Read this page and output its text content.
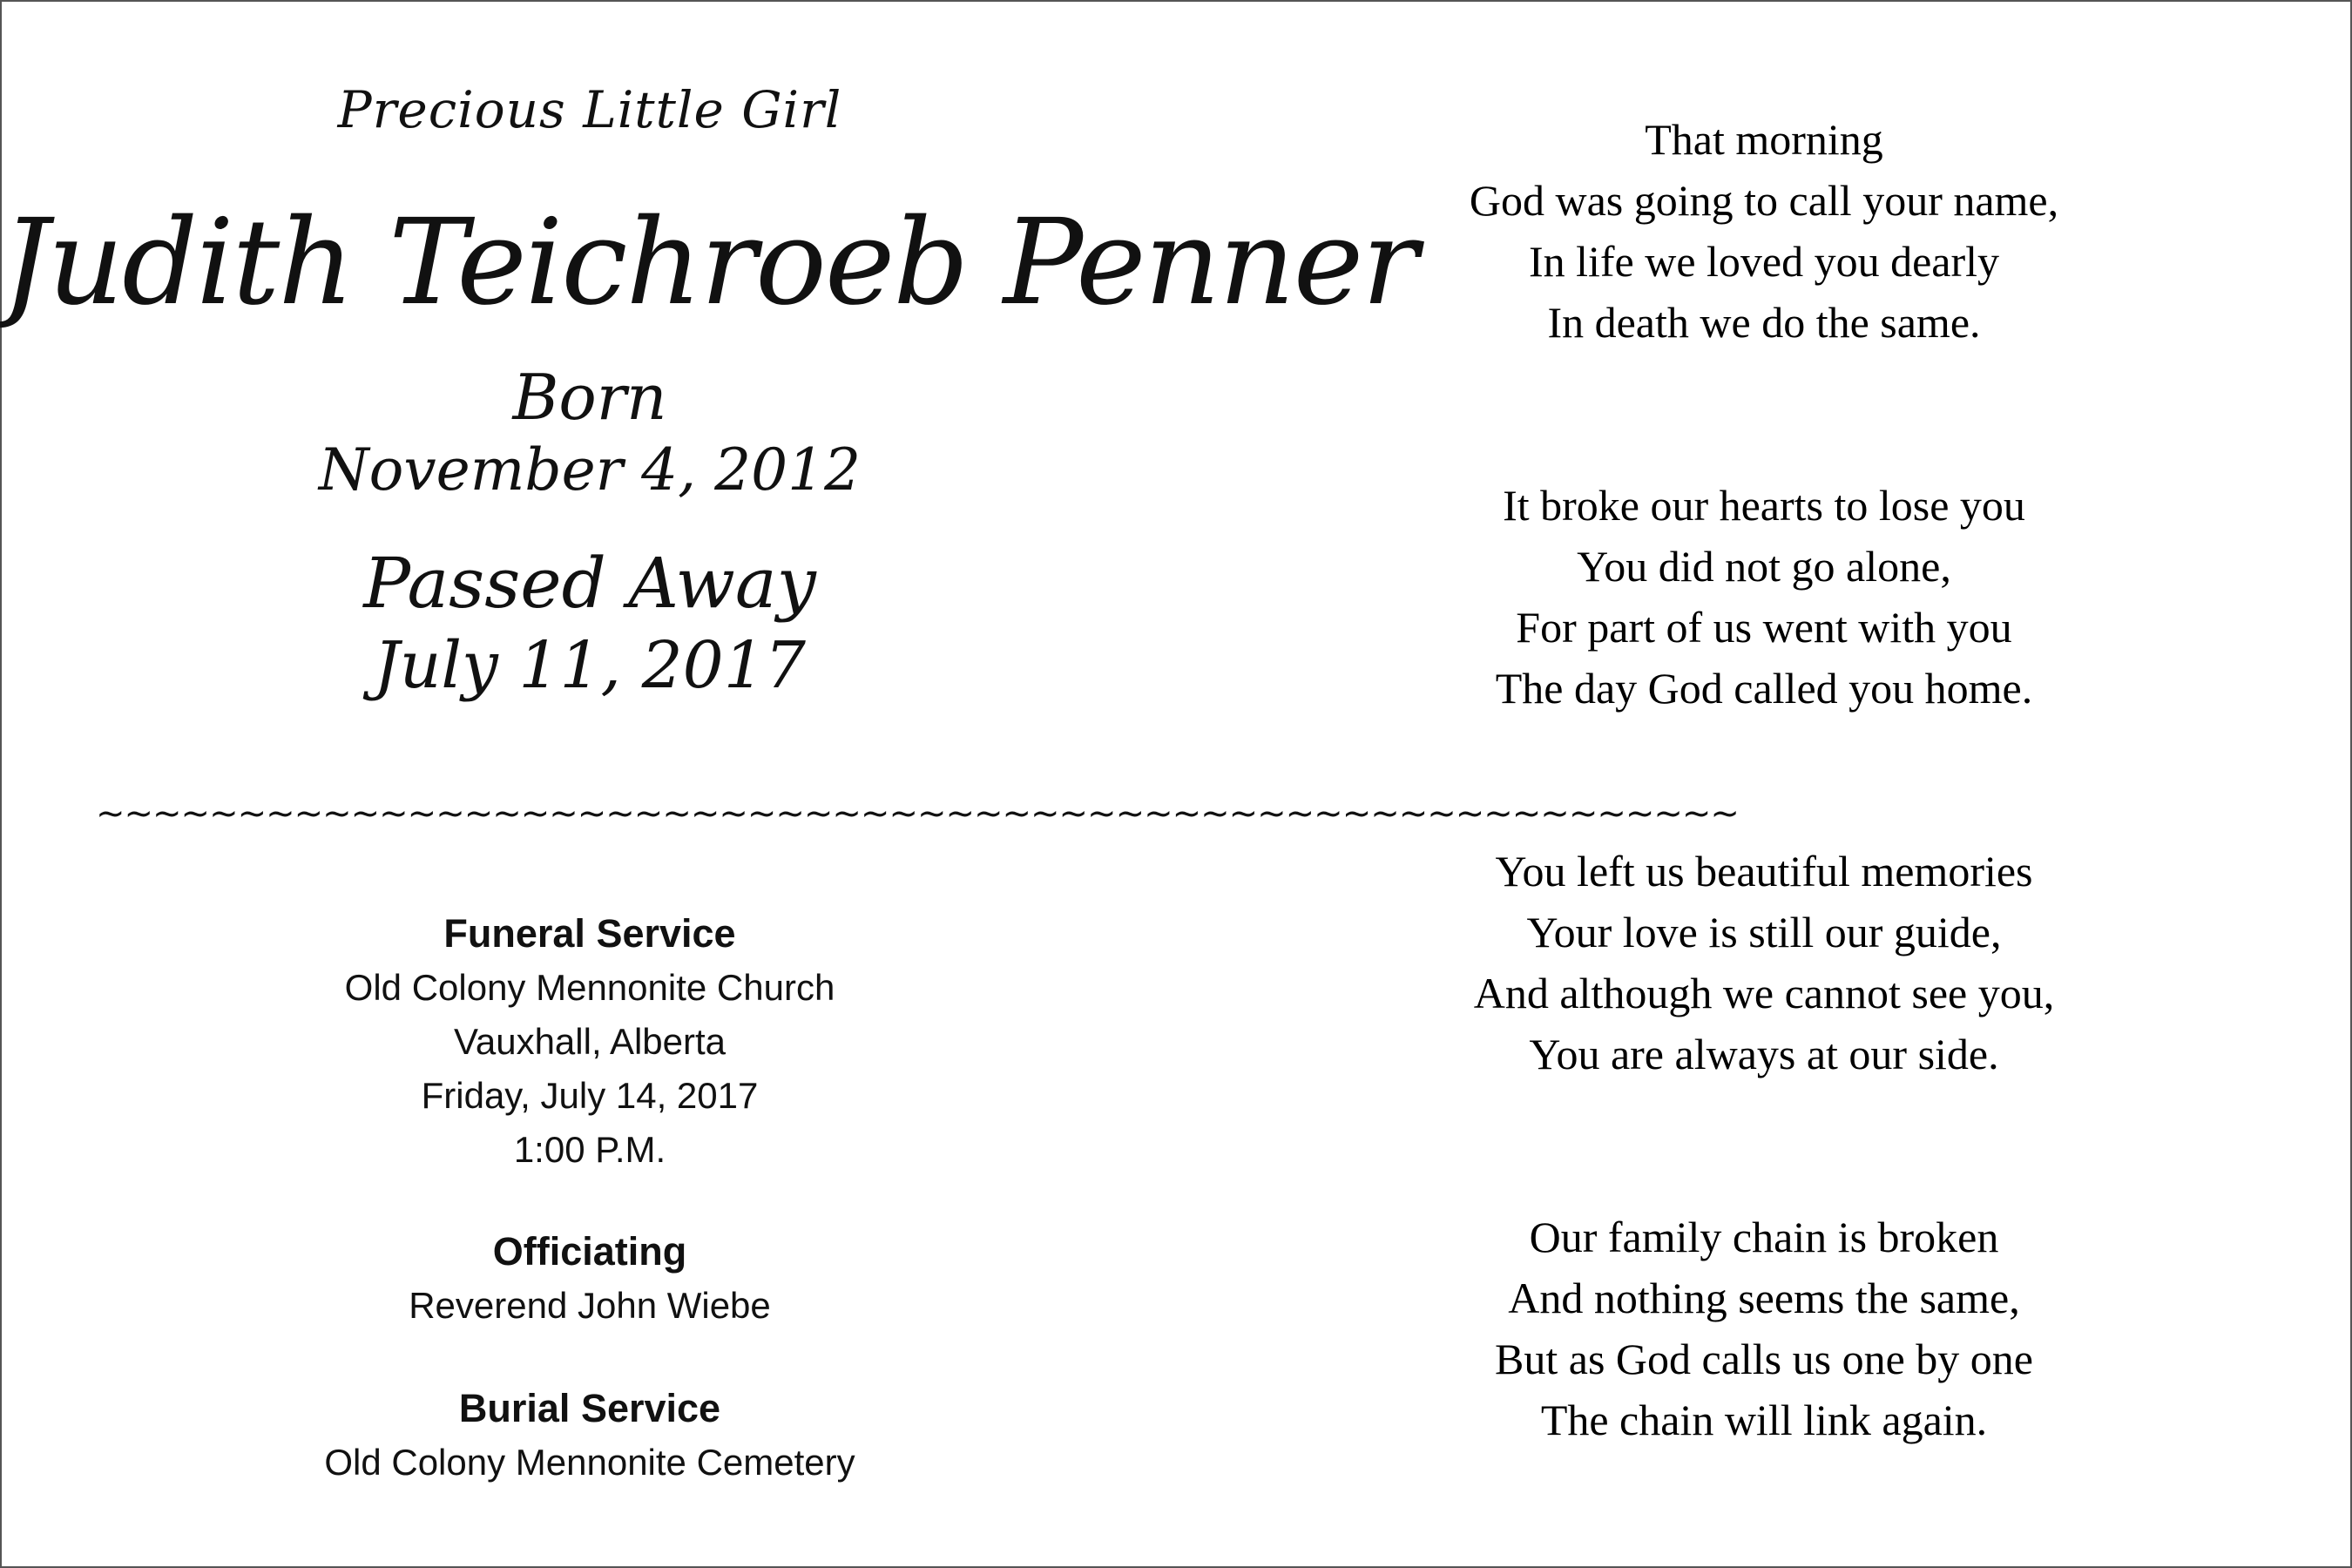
Precious Little Girl
Judith Teichroeb Penner
Born
November 4, 2012
Passed Away
July 11, 2017
~~~~~~~~~~~~~~~~~~~~~~~~~~~~~~~~~~~~~~~~~~~~~~~~~~~~~~~~~~
Funeral Service
Old Colony Mennonite Church
Vauxhall, Alberta
Friday, July 14, 2017
1:00 P.M.
Officiating
Reverend John Wiebe
Burial Service
Old Colony Mennonite Cemetery
That morning
God was going to call your name,
In life we loved you dearly
In death we do the same.
It broke our hearts to lose you
You did not go alone,
For part of us went with you
The day God called you home.
You left us beautiful memories
Your love is still our guide,
And although we cannot see you,
You are always at our side.
Our family chain is broken
And nothing seems the same,
But as God calls us one by one
The chain will link again.
